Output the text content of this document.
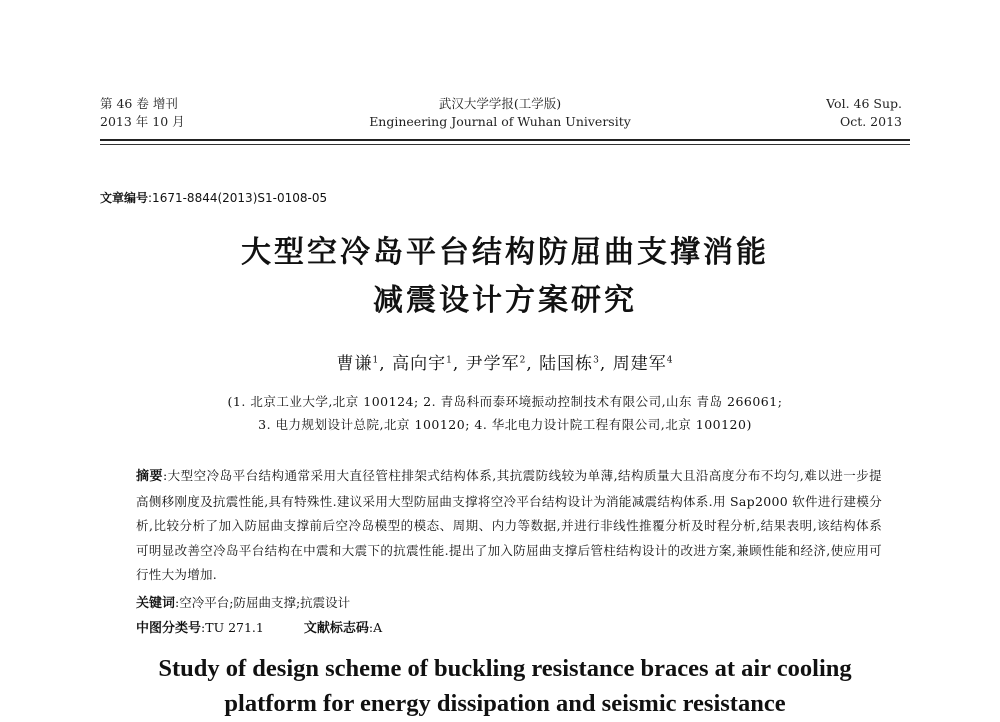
第 46 卷 增刊
2013 年 10 月
武汉大学学报(工学版)
Engineering Journal of Wuhan University
Vol. 46 Sup.
Oct. 2013
文章编号:1671-8844(2013)S1-0108-05
大型空冷岛平台结构防屈曲支撑消能
减震设计方案研究
曹谦$^1$, 高向宇$^1$, 尹学军$^2$, 陆国栋$^3$, 周建军$^4$
(1. 北京工业大学,北京 100124; 2. 青岛科而泰环境振动控制技术有限公司,山东 青岛 266061;
3. 电力规划设计总院,北京 100120; 4. 华北电力设计院工程有限公司,北京 100120)
摘要:大型空冷岛平台结构通常采用大直径管柱排架式结构体系,其抗震防线较为单薄,结构质量大且沿高度分布不均匀,难以进一步提高侧移刚度及抗震性能,具有特殊性.建议采用大型防屈曲支撑将空冷平台结构设计为消能减震结构体系.用 Sap2000 软件进行建模分析,比较分析了加入防屈曲支撑前后空冷岛模型的模态、周期、内力等数据,并进行非线性推覆分析及时程分析,结果表明,该结构体系可明显改善空冷岛平台结构在中震和大震下的抗震性能.提出了加入防屈曲支撑后管柱结构设计的改进方案,兼顾性能和经济,使应用可行性大为增加.
关键词:空冷平台;防屈曲支撑;抗震设计
中图分类号:TU 271.1	文献标志码:A
Study of design scheme of buckling resistance braces at air cooling
platform for energy dissipation and seismic resistance
